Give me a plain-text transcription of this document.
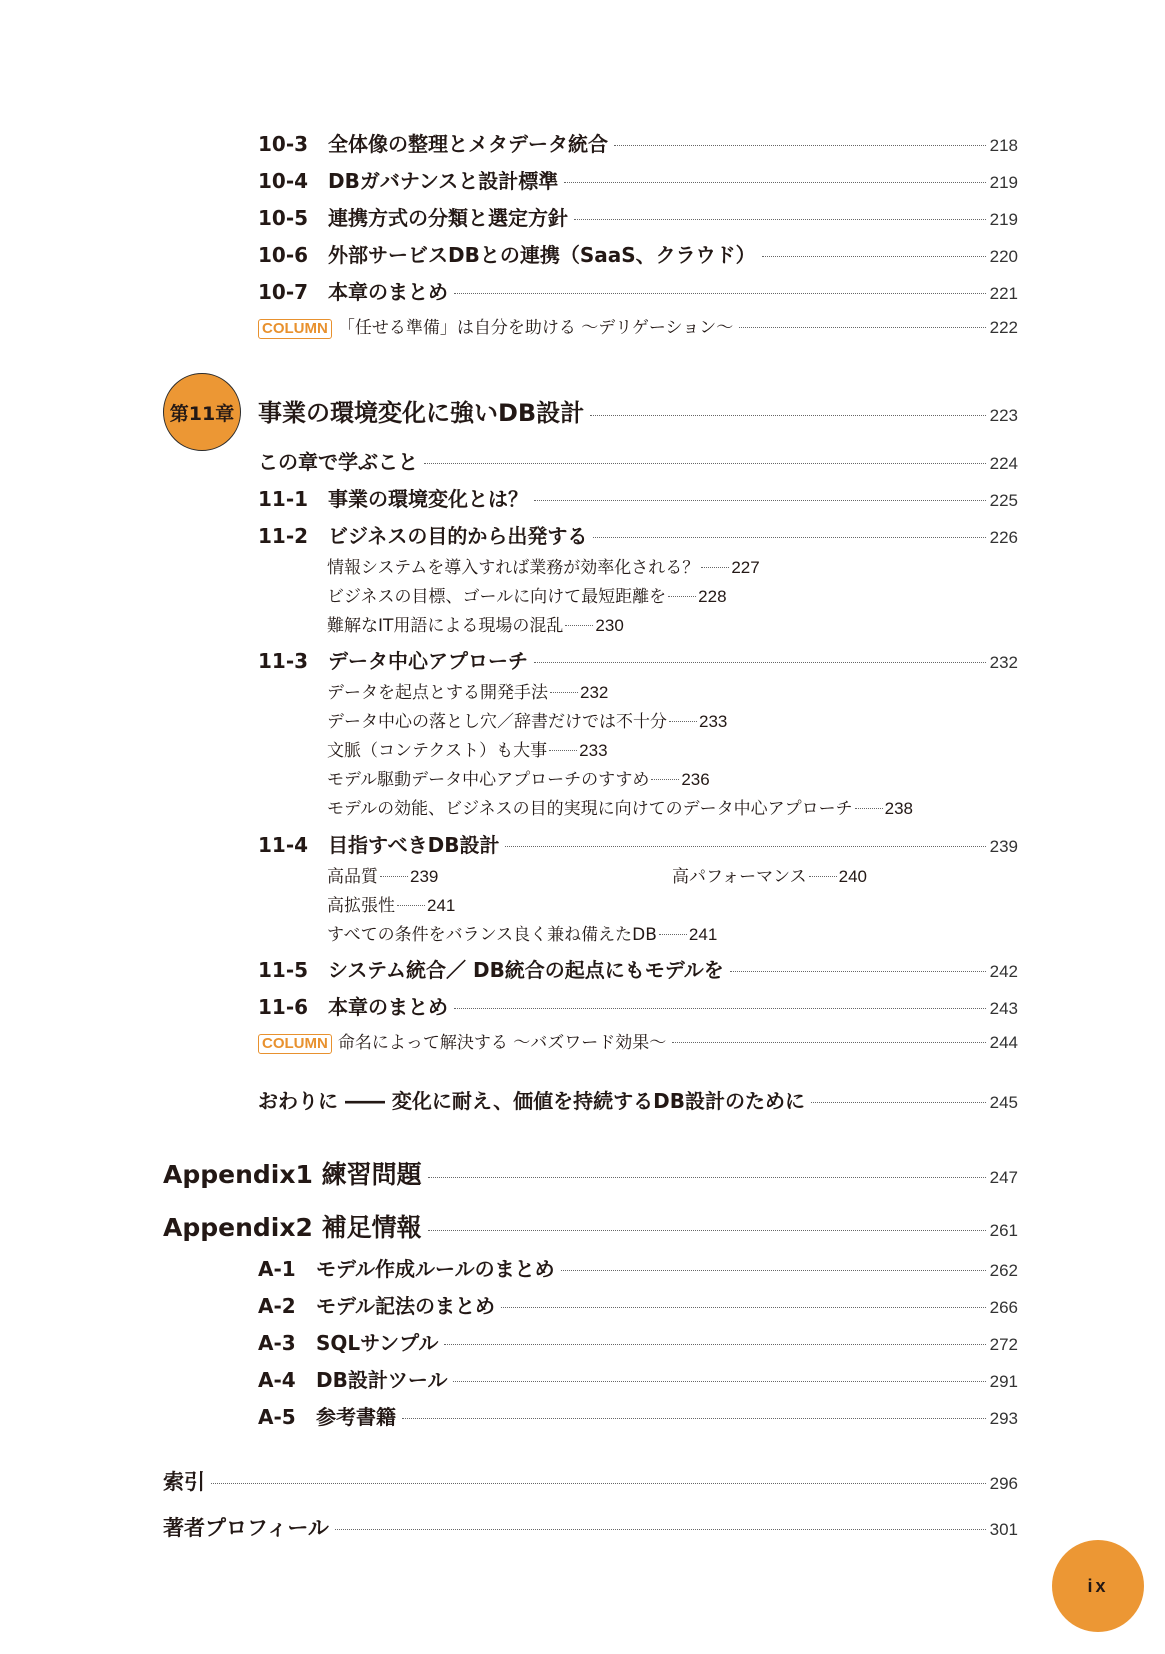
10-3 全体像の整理とメタデータ統合	218
10-4 DBガバナンスと設計標準	219
10-5 連携方式の分類と選定方針	219
10-6 外部サービスDBとの連携（SaaS、クラウド）	220
10-7 本章のまとめ	221
COLUMN 「任せる準備」は自分を助ける 〜デリゲーション〜	222
第11章 事業の環境変化に強いDB設計	223
この章で学ぶこと	224
11-1 事業の環境変化とは？	225
11-2 ビジネスの目的から出発する	226
情報システムを導入すれば業務が効率化される？ 227
ビジネスの目標、ゴールに向けて最短距離を 228
難解なIT用語による現場の混乱 230
11-3 データ中心アプローチ	232
データを起点とする開発手法 232
データ中心の落とし穴／辞書だけでは不十分 233
文脈（コンテクスト）も大事 233
モデル駆動データ中心アプローチのすすめ 236
モデルの効能、ビジネスの目的実現に向けてのデータ中心アプローチ 238
11-4 目指すべきDB設計	239
高品質 239	高パフォーマンス 240
高拡張性 241
すべての条件をバランス良く兼ね備えたDB 241
11-5 システム統合／ DB統合の起点にもモデルを	242
11-6 本章のまとめ	243
COLUMN 命名によって解決する 〜バズワード効果〜	244
おわりに ―― 変化に耐え、価値を持続するDB設計のために	245
Appendix1 練習問題	247
Appendix2 補足情報	261
A-1	モデル作成ルールのまとめ	262
A-2	モデル記法のまとめ	266
A-3	SQLサンプル	272
A-4	DB設計ツール	291
A-5	参考書籍	293
索引	296
著者プロフィール	301
ix
